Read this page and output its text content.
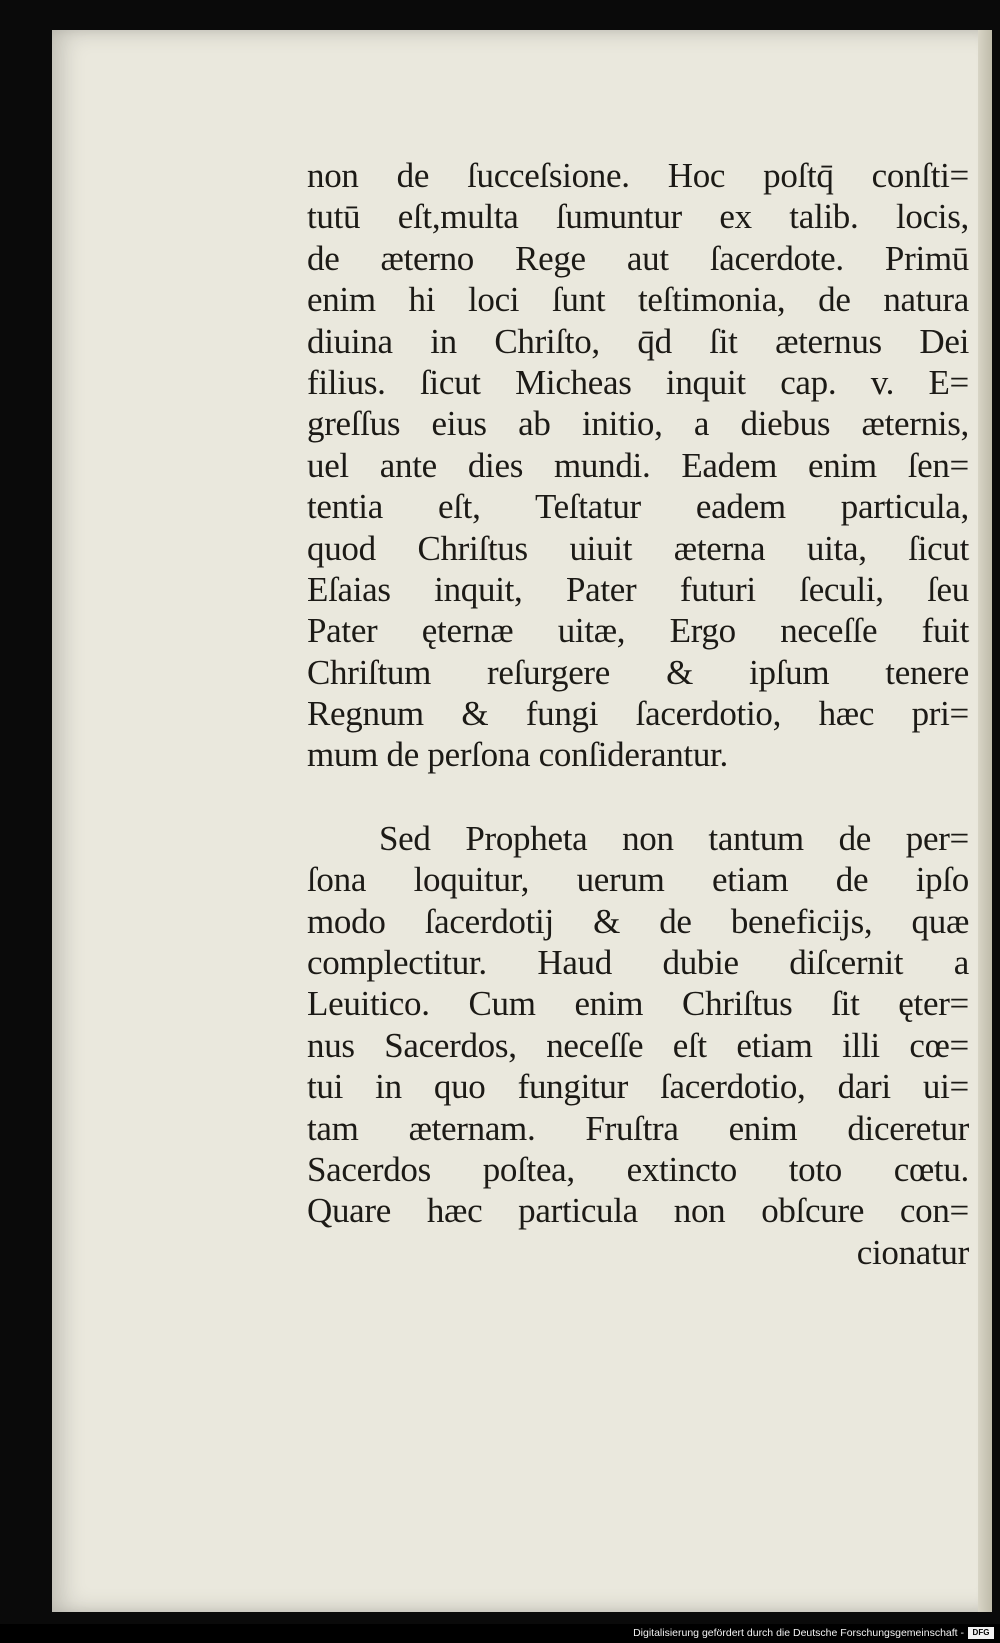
non de ſucceſsione. Hoc poſtq̄ conſti=
tutū eſt,multa ſumuntur ex talib. locis,
de æterno Rege aut ſacerdote. Primū
enim hi loci ſunt teſtimonia, de natura
diuina in Chriſto, q̄d ſit æternus Dei
filius. ſicut Micheas inquit cap. v. E=
greſſus eius ab initio, a diebus æternis,
uel ante dies mundi. Eadem enim ſen=
tentia eſt, Teſtatur eadem particula,
quod Chriſtus uiuit æterna uita, ſicut
Eſaias inquit, Pater futuri ſeculi, ſeu
Pater ęternæ uitæ, Ergo neceſſe fuit
Chriſtum reſurgere & ipſum tenere
Regnum & fungi ſacerdotio, hæc pri=
mum de perſona conſiderantur.
Sed Propheta non tantum de per=
ſona loquitur, uerum etiam de ipſo
modo ſacerdotij & de beneficijs, quæ
complectitur. Haud dubie diſcernit a
Leuitico. Cum enim Chriſtus ſit ęter=
nus Sacerdos, neceſſe eſt etiam illi cœ=
tui in quo fungitur ſacerdotio, dari ui=
tam æternam. Fruſtra enim diceretur
Sacerdos poſtea, extincto toto cœtu.
Quare hæc particula non obſcure con=
cionatur
Digitalisierung gefördert durch die Deutsche Forschungsgemeinschaft -	DFG
